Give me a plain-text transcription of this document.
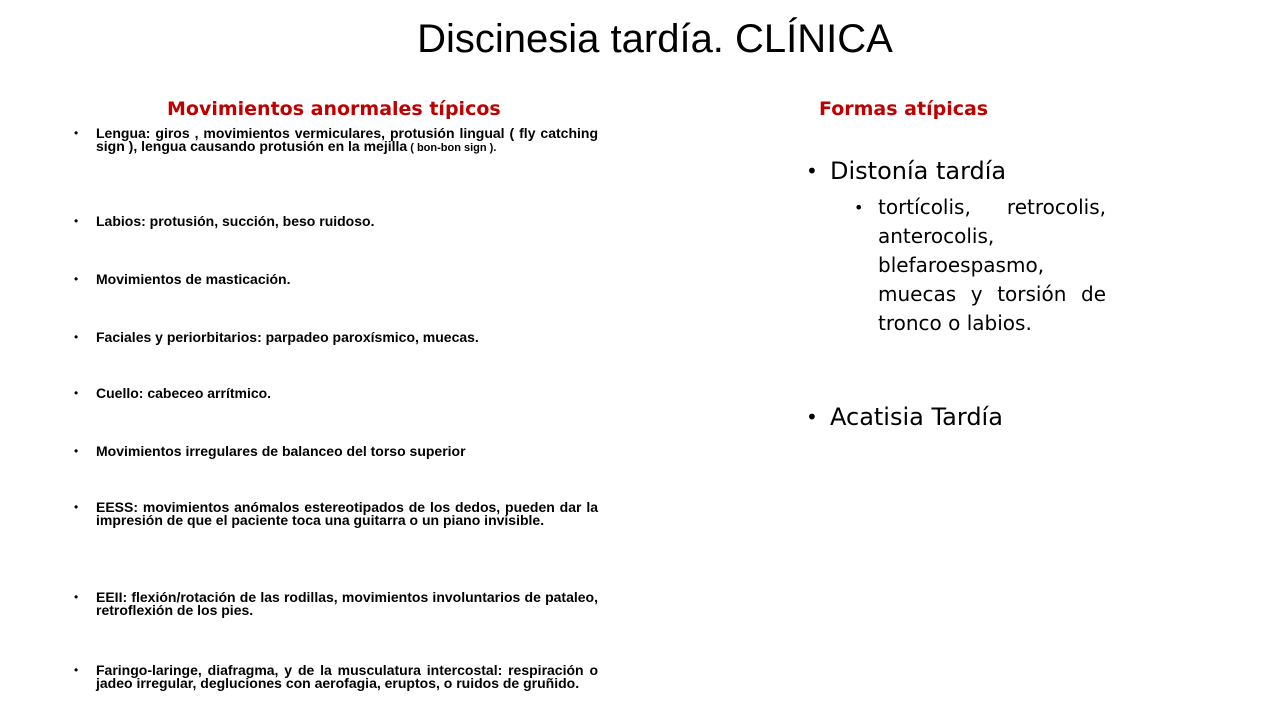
Discinesia tardía. CLÍNICA
Movimientos anormales típicos	Formas atípicas
• Lengua: giros , movimientos vermiculares, protusión lingual ( fly catching sign ), lengua causando protusión en la mejilla ( bon-bon sign ).
• Labios: protusión, succión, beso ruidoso.
• Movimientos de masticación.
• Faciales y periorbitarios: parpadeo paroxísmico, muecas.
• Cuello: cabeceo arrítmico.
• Movimientos irregulares de balanceo del torso superior
• EESS: movimientos anómalos estereotipados de los dedos, pueden dar la impresión de que el paciente toca una guitarra o un piano invisible.
• EEII: flexión/rotación de las rodillas, movimientos involuntarios de pataleo, retroflexión de los pies.
• Faringo-laringe, diafragma, y de la musculatura intercostal: respiración o jadeo irregular, degluciones con aerofagia, eruptos, o ruidos de gruñido.
• Distonía tardía
• tortícolis, retrocolis, anterocolis, blefaroespasmo, muecas y torsión de tronco o labios.
• Acatisia Tardía
